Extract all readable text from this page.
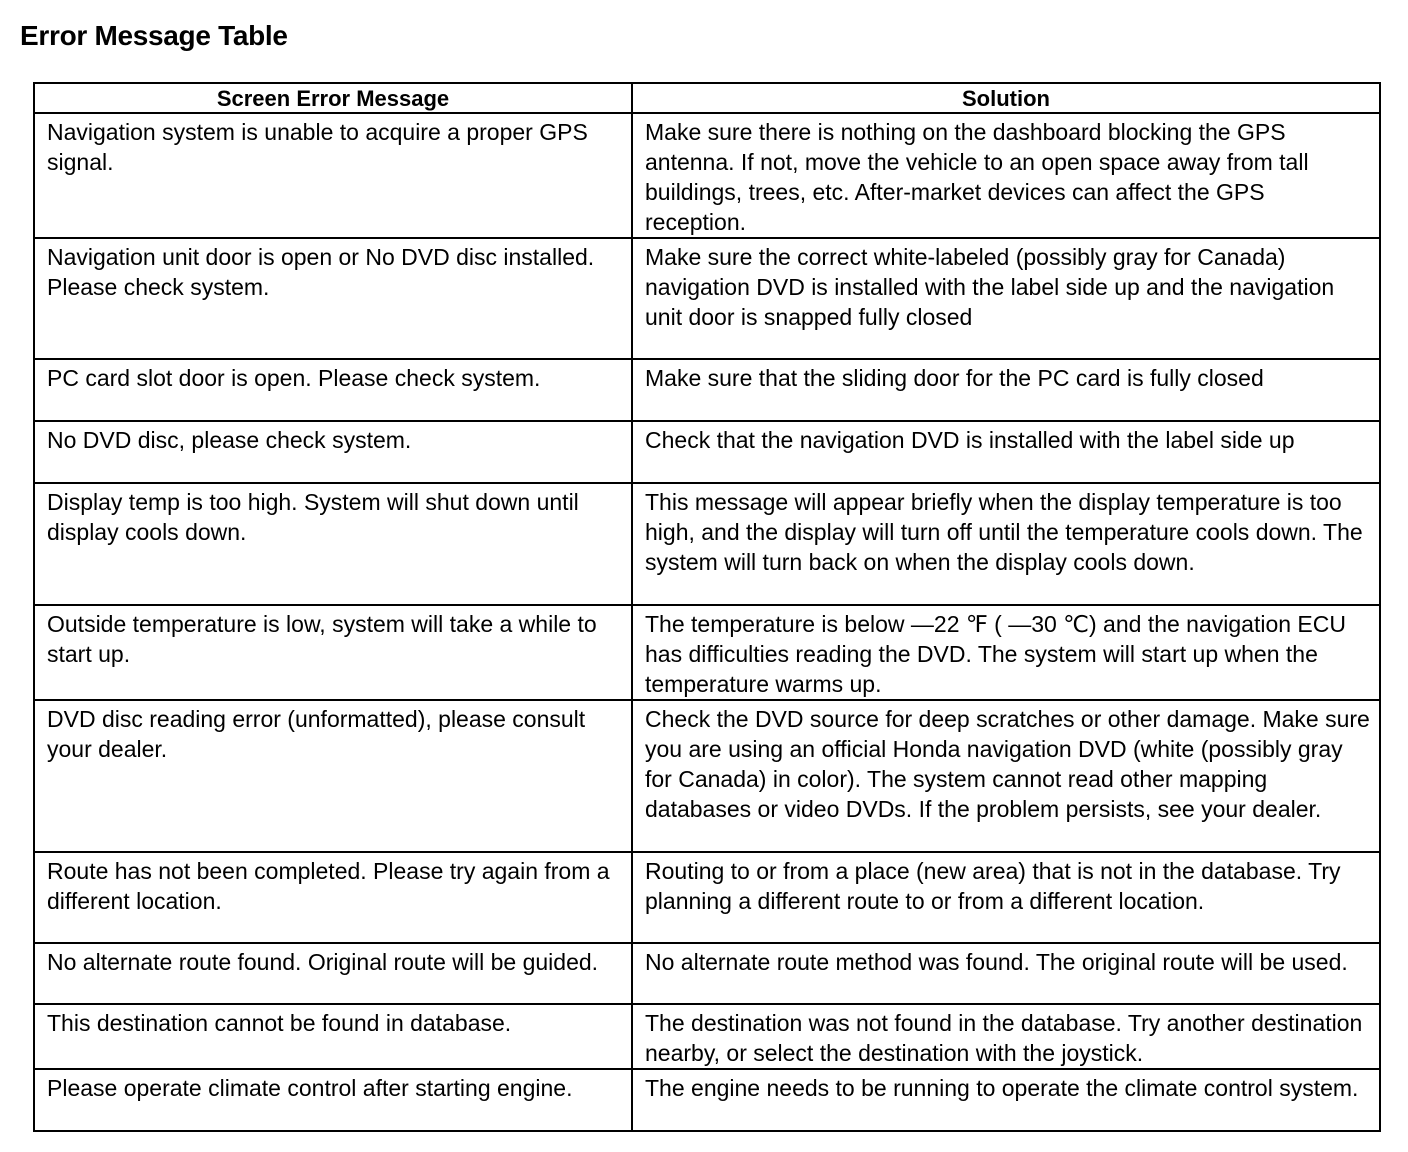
Error Message Table
Screen Error Message	Solution
Navigation system is unable to acquire a proper GPS signal.	Make sure there is nothing on the dashboard blocking the GPS antenna. If not, move the vehicle to an open space away from tall buildings, trees, etc. After-market devices can affect the GPS reception.
Navigation unit door is open or No DVD disc installed. Please check system.	Make sure the correct white-labeled (possibly gray for Canada) navigation DVD is installed with the label side up and the navigation unit door is snapped fully closed
PC card slot door is open. Please check system.	Make sure that the sliding door for the PC card is fully closed
No DVD disc, please check system.	Check that the navigation DVD is installed with the label side up
Display temp is too high. System will shut down until display cools down.	This message will appear briefly when the display temperature is too high, and the display will turn off until the temperature cools down. The system will turn back on when the display cools down.
Outside temperature is low, system will take a while to start up.	The temperature is below —22 ℉ ( —30 ℃) and the navigation ECU has difficulties reading the DVD. The system will start up when the temperature warms up.
DVD disc reading error (unformatted), please consult your dealer.	Check the DVD source for deep scratches or other damage. Make sure you are using an official Honda navigation DVD (white (possibly gray for Canada) in color). The system cannot read other mapping databases or video DVDs. If the problem persists, see your dealer.
Route has not been completed. Please try again from a different location.	Routing to or from a place (new area) that is not in the database. Try planning a different route to or from a different location.
No alternate route found. Original route will be guided.	No alternate route method was found. The original route will be used.
This destination cannot be found in database.	The destination was not found in the database. Try another destination nearby, or select the destination with the joystick.
Please operate climate control after starting engine.	The engine needs to be running to operate the climate control system.
